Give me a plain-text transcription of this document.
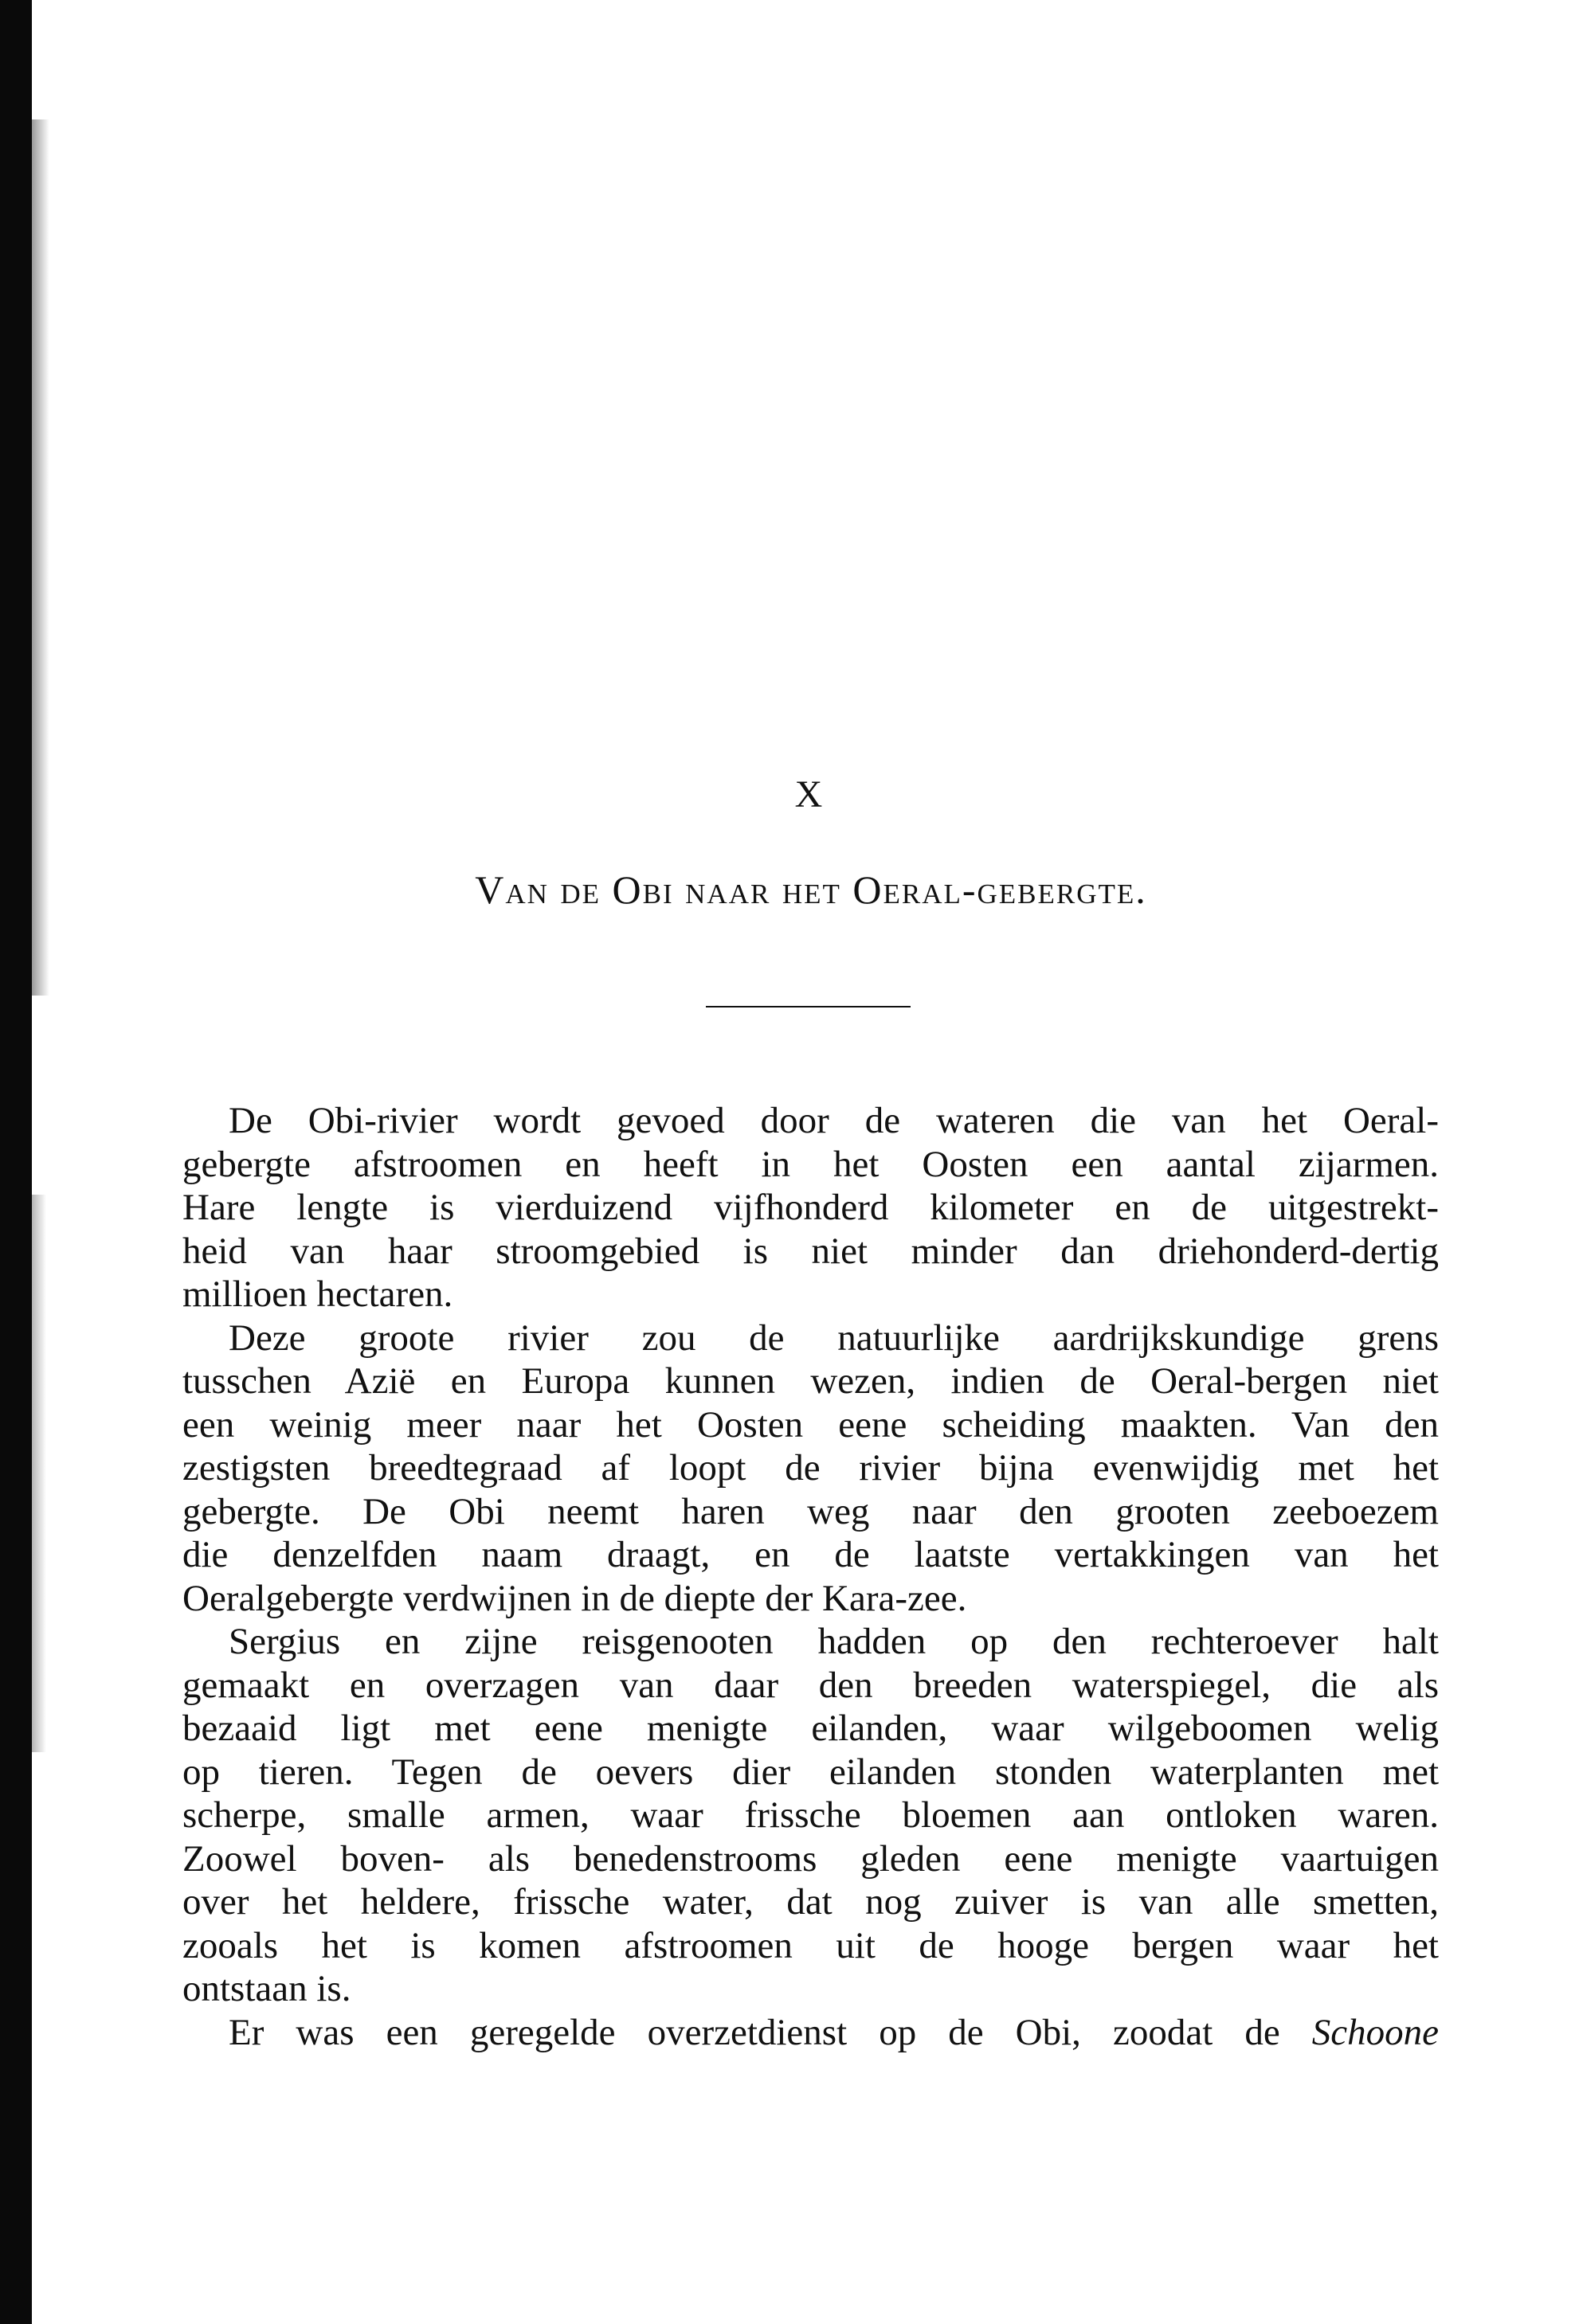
X
Van de Obi naar het Oeral-gebergte.
De Obi-rivier wordt gevoed door de wateren die van het Oeral-
gebergte afstroomen en heeft in het Oosten een aantal zijarmen.
Hare lengte is vierduizend vijfhonderd kilometer en de uitgestrekt-
heid van haar stroomgebied is niet minder dan driehonderd-dertig
millioen hectaren.
Deze groote rivier zou de natuurlijke aardrijkskundige grens
tusschen Azië en Europa kunnen wezen, indien de Oeral-bergen niet
een weinig meer naar het Oosten eene scheiding maakten. Van den
zestigsten breedtegraad af loopt de rivier bijna evenwijdig met het
gebergte. De Obi neemt haren weg naar den grooten zeeboezem
die denzelfden naam draagt, en de laatste vertakkingen van het
Oeralgebergte verdwijnen in de diepte der Kara-zee.
Sergius en zijne reisgenooten hadden op den rechteroever halt
gemaakt en overzagen van daar den breeden waterspiegel, die als
bezaaid ligt met eene menigte eilanden, waar wilgeboomen welig
op tieren. Tegen de oevers dier eilanden stonden waterplanten met
scherpe, smalle armen, waar frissche bloemen aan ontloken waren.
Zoowel boven- als benedenstrooms gleden eene menigte vaartuigen
over het heldere, frissche water, dat nog zuiver is van alle smetten,
zooals het is komen afstroomen uit de hooge bergen waar het
ontstaan is.
Er was een geregelde overzetdienst op de Obi, zoodat de Schoone
